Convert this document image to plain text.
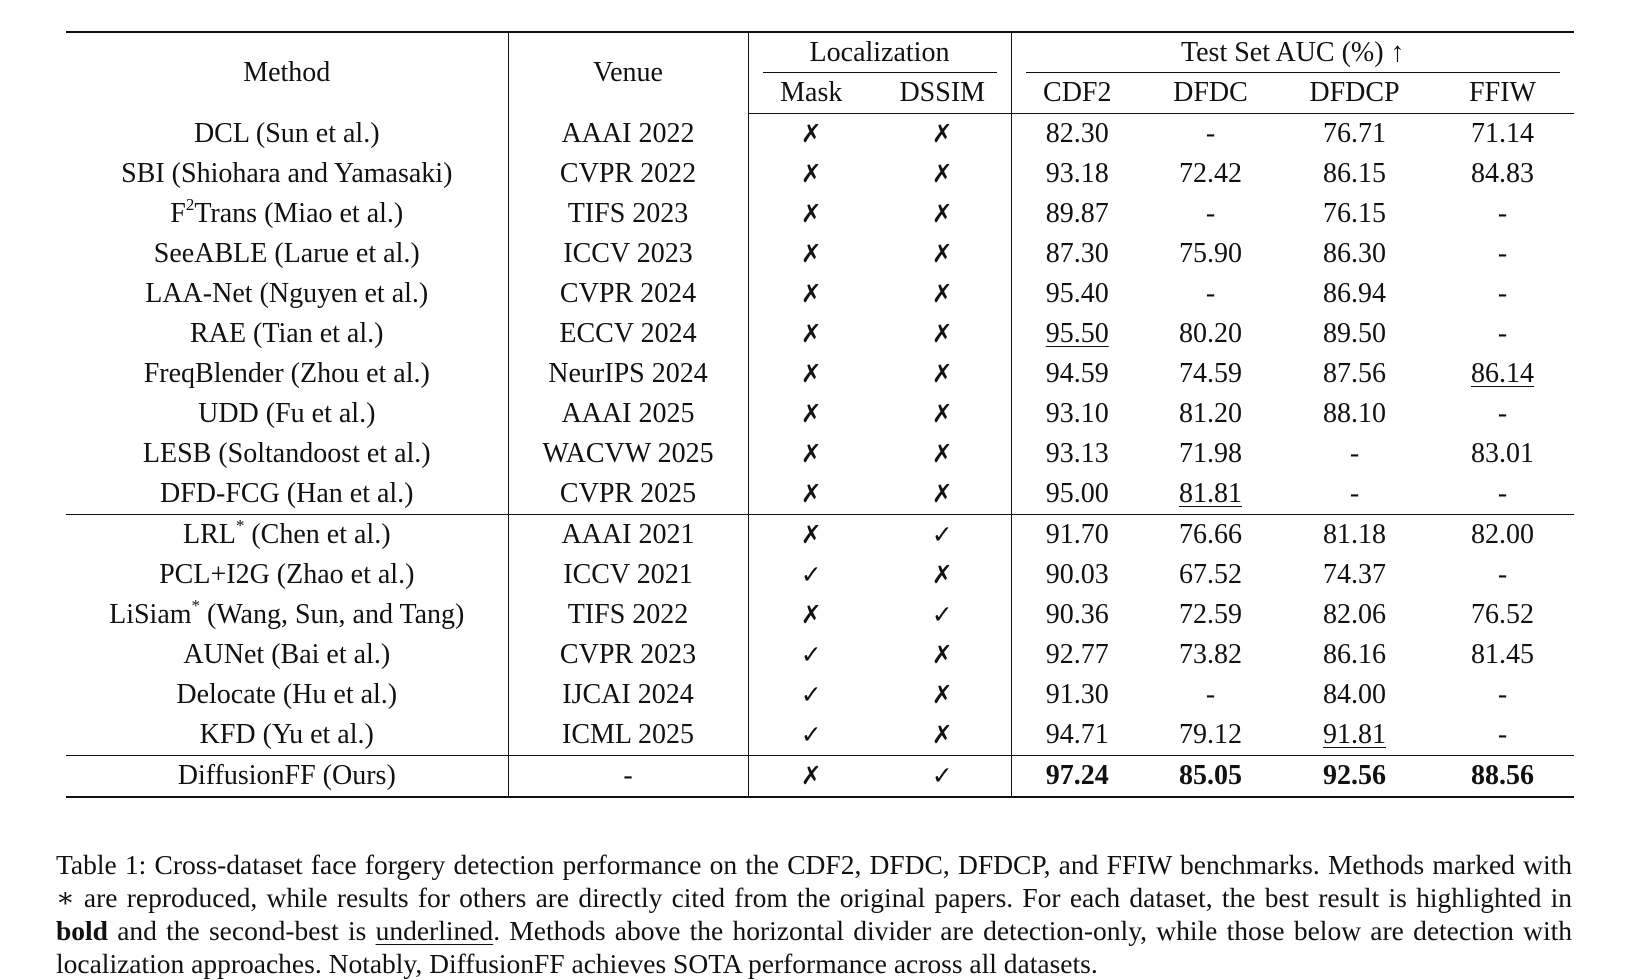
Method	Venue	Localization		Test Set AUC (%) ↑			

		Mask	DSSIM	CDF2	DFDC	DFDCP	FFIW
DCL (Sun et al.)	AAAI 2022	✗	✗	82.30	-	76.71	71.14
SBI (Shiohara and Yamasaki)	CVPR 2022	✗	✗	93.18	72.42	86.15	84.83
$F^2Trans$ (Miao et al.)	TIFS 2023	✗	✗	89.87	-	76.15	-
SeeABLE (Larue et al.)	ICCV 2023	✗	✗	87.30	75.90	86.30	-
LAA-Net (Nguyen et al.)	CVPR 2024	✗	✗	95.40	-	86.94	-
RAE (Tian et al.)	ECCV 2024	✗	✗	95.50	80.20	89.50	-
FreqBlender (Zhou et al.)	NeurIPS 2024	✗	✗	94.59	74.59	87.56	86.14
UDD (Fu et al.)	AAAI 2025	✗	✗	93.10	81.20	88.10	-
LESB (Soltandoost et al.)	WACVW 2025	✗	✗	93.13	71.98	-	83.01
DFD-FCG (Han et al.)	CVPR 2025	✗	✗	95.00	81.81	-	-
LRL* (Chen et al.)	AAAI 2021	✗	✓	91.70	76.66	81.18	82.00
PCL+I2G (Zhao et al.)	ICCV 2021	✓	✗	90.03	67.52	74.37	-
LiSiam* (Wang, Sun, and Tang)	TIFS 2022	✗	✓	90.36	72.59	82.06	76.52
AUNet (Bai et al.)	CVPR 2023	✓	✗	92.77	73.82	86.16	81.45
Delocate (Hu et al.)	IJCAI 2024	✓	✗	91.30	-	84.00	-
KFD (Yu et al.)	ICML 2025	✓	✗	94.71	79.12	91.81	-
DiffusionFF (Ours)	-	✗	✓	97.24	85.05	92.56	88.56

Table 1: Cross-dataset face forgery detection performance on the CDF2, DFDC, DFDCP, and FFIW benchmarks. Methods marked with ∗ are reproduced, while results for others are directly cited from the original papers. For each dataset, the best result is highlighted in bold and the second-best is underlined. Methods above the horizontal divider are detection-only, while those below are detection with localization approaches. Notably, DiffusionFF achieves SOTA performance across all datasets.
